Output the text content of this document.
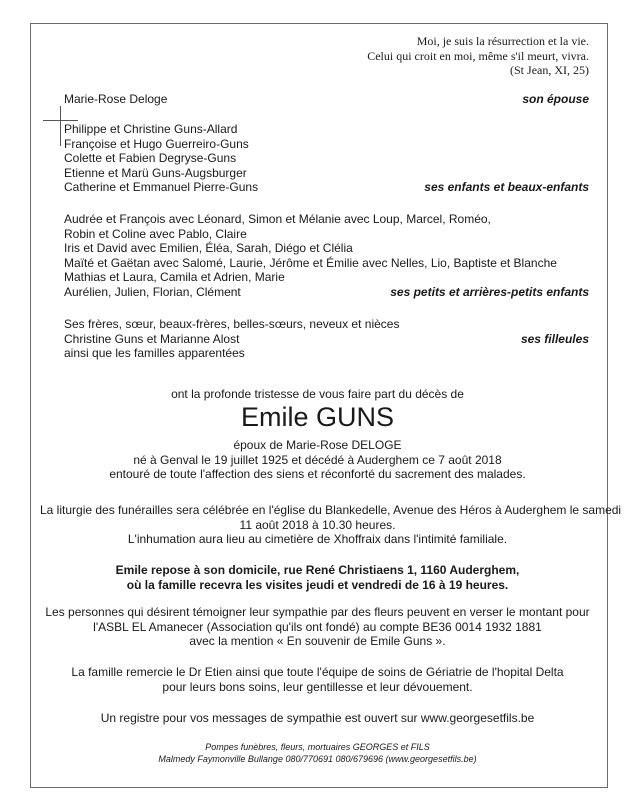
Moi, je suis la résurrection et la vie.
Celui qui croit en moi, même s'il meurt, vivra.
(St Jean, XI, 25)
Marie-Rose Deloge	son épouse
Philippe et Christine Guns-Allard
Françoise et Hugo Guerreiro-Guns
Colette et Fabien Degryse-Guns
Etienne et Marü Guns-Augsburger
Catherine et Emmanuel Pierre-Guns	ses enfants et beaux-enfants
Audrée et François avec Léonard, Simon et Mélanie avec Loup, Marcel, Roméo,
Robin et Coline avec Pablo, Claire
Iris et David avec Emilien, Éléa, Sarah, Diégo et Clélia
Maïté et Gaëtan avec Salomé, Laurie, Jérôme et Émilie avec Nelles, Lio, Baptiste et Blanche
Mathias et Laura, Camila et Adrien, Marie
Aurélien, Julien, Florian, Clément	ses petits et arrières-petits enfants
Ses frères, sœur, beaux-frères, belles-sœurs, neveux et nièces
Christine Guns et Marianne Alost	ses filleules
ainsi que les familles apparentées
ont la profonde tristesse de vous faire part du décès de
Emile GUNS
époux de Marie-Rose DELOGE
né à Genval le 19 juillet 1925 et décédé à Auderghem ce 7 août 2018
entouré de toute l'affection des siens et réconforté du sacrement des malades.
La liturgie des funérailles sera célébrée en l'église du Blankedelle, Avenue des Héros à Auderghem le samedi
11 août 2018 à 10.30 heures.
L'inhumation aura lieu au cimetière de Xhoffraix dans l'intimité familiale.
Emile repose à son domicile, rue René Christiaens 1, 1160 Auderghem,
où la famille recevra les visites jeudi et vendredi de 16 à 19 heures.
Les personnes qui désirent témoigner leur sympathie par des fleurs peuvent en verser le montant pour
l'ASBL EL Amanecer (Association qu'ils ont fondé) au compte BE36 0014 1932 1881
avec la mention « En souvenir de Emile Guns ».
La famille remercie le Dr Etien ainsi que toute l'équipe de soins de Gériatrie de l'hopital Delta
pour leurs bons soins, leur gentillesse et leur dévouement.
Un registre pour vos messages de sympathie est ouvert sur www.georgesetfils.be
Pompes funèbres, fleurs, mortuaires GEORGES et FILS
Malmedy Faymonville Bullange 080/770691 080/679696 (www.georgesetfils.be)
